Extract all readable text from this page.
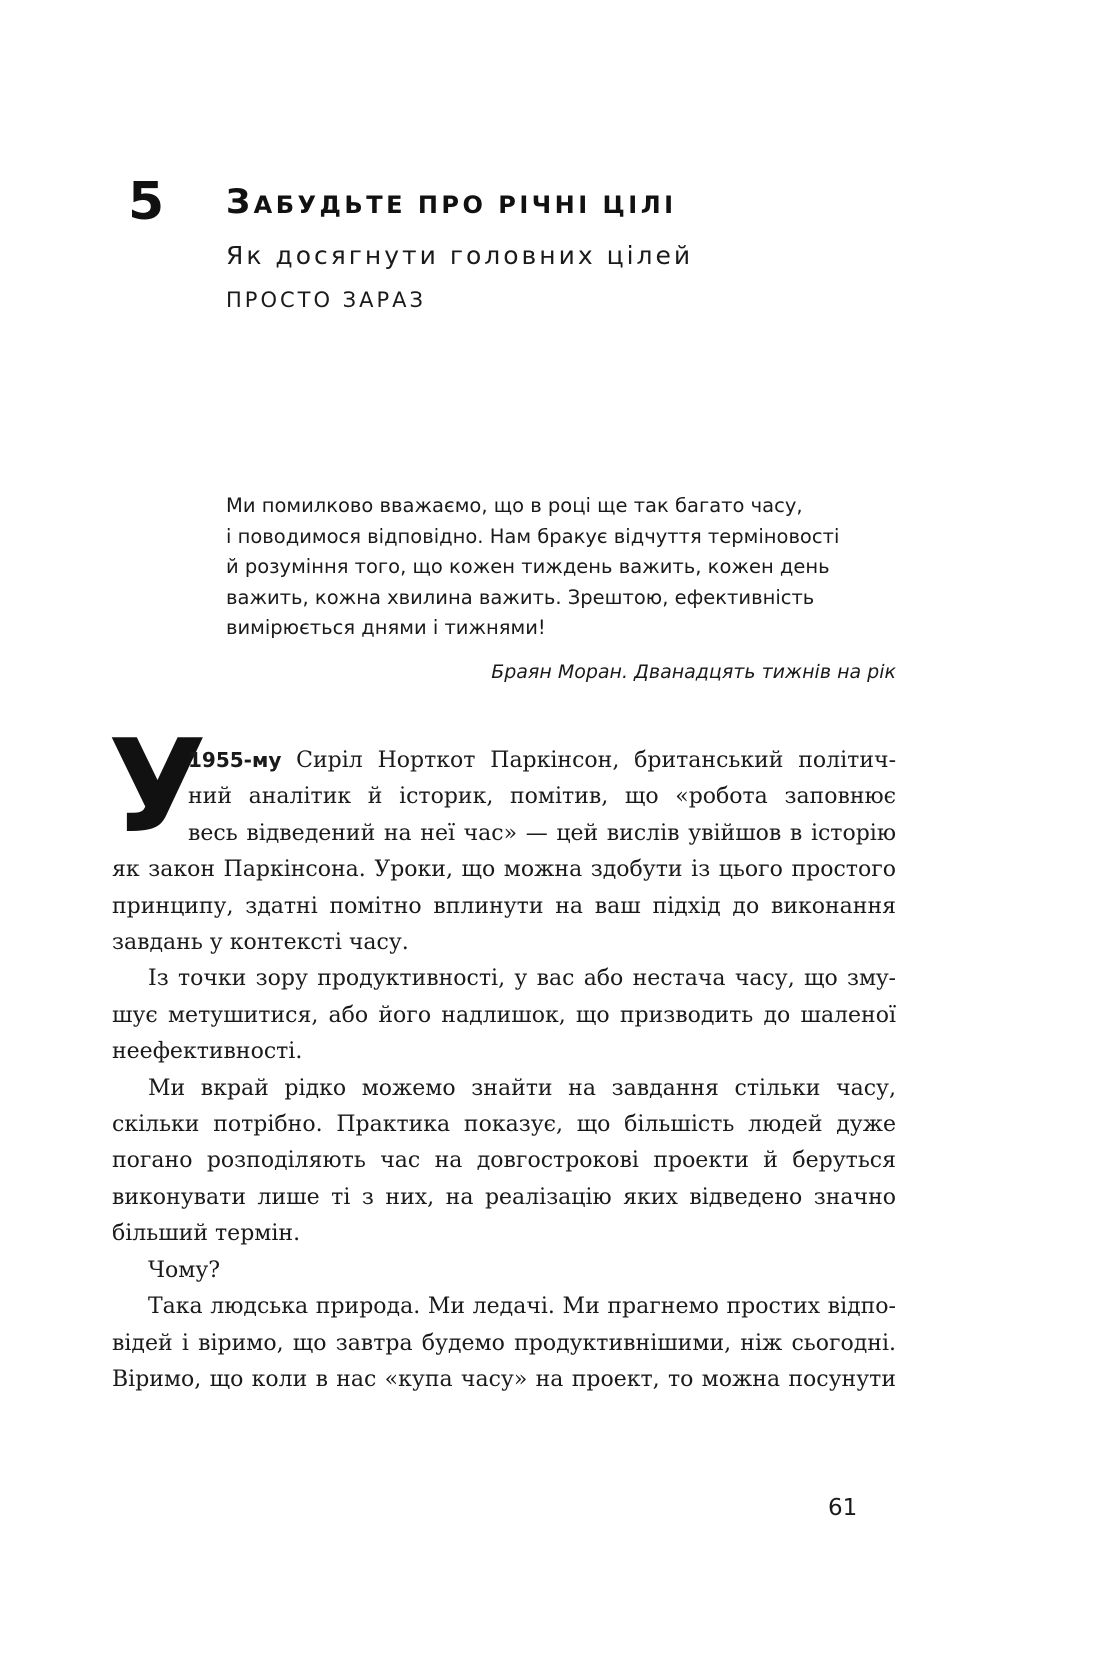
5 ЗАБУДЬТЕ ПРО РІЧНІ ЦІЛІ
Як досягнути головних цілей
ПРОСТО ЗАРАЗ
Ми помилково вважаємо, що в році ще так багато часу,
і поводимося відповідно. Нам бракує відчуття терміновості
й розуміння того, що кожен тиждень важить, кожен день
важить, кожна хвилина важить. Зрештою, ефективність
вимірюється днями і тижнями!
Браян Моран. Дванадцять тижнів на рік
У
1955-му Сиріл Норткот Паркінсон, британський політич-
ний аналітик й історик, помітив, що «робота заповнює
весь відведений на неї час» — цей вислів увійшов в історію
як закон Паркінсона. Уроки, що можна здобути із цього простого
принципу, здатні помітно вплинути на ваш підхід до виконання
завдань у контексті часу.
Із точки зору продуктивності, у вас або нестача часу, що змy-
шує метушитися, або його надлишок, що призводить до шаленої
неефективності.
Ми вкрай рідко можемо знайти на завдання стільки часу,
скільки потрібно. Практика показує, що більшість людей дуже
погано розподіляють час на довгострокові проекти й беруться
виконувати лише ті з них, на реалізацію яких відведено значно
більший термін.
Чому?
Така людська природа. Ми ледачі. Ми прагнемо простих відпо-
відей і віримо, що завтра будемо продуктивнішими, ніж сьогодні.
Віримо, що коли в нас «купа часу» на проект, то можна посунути
61
